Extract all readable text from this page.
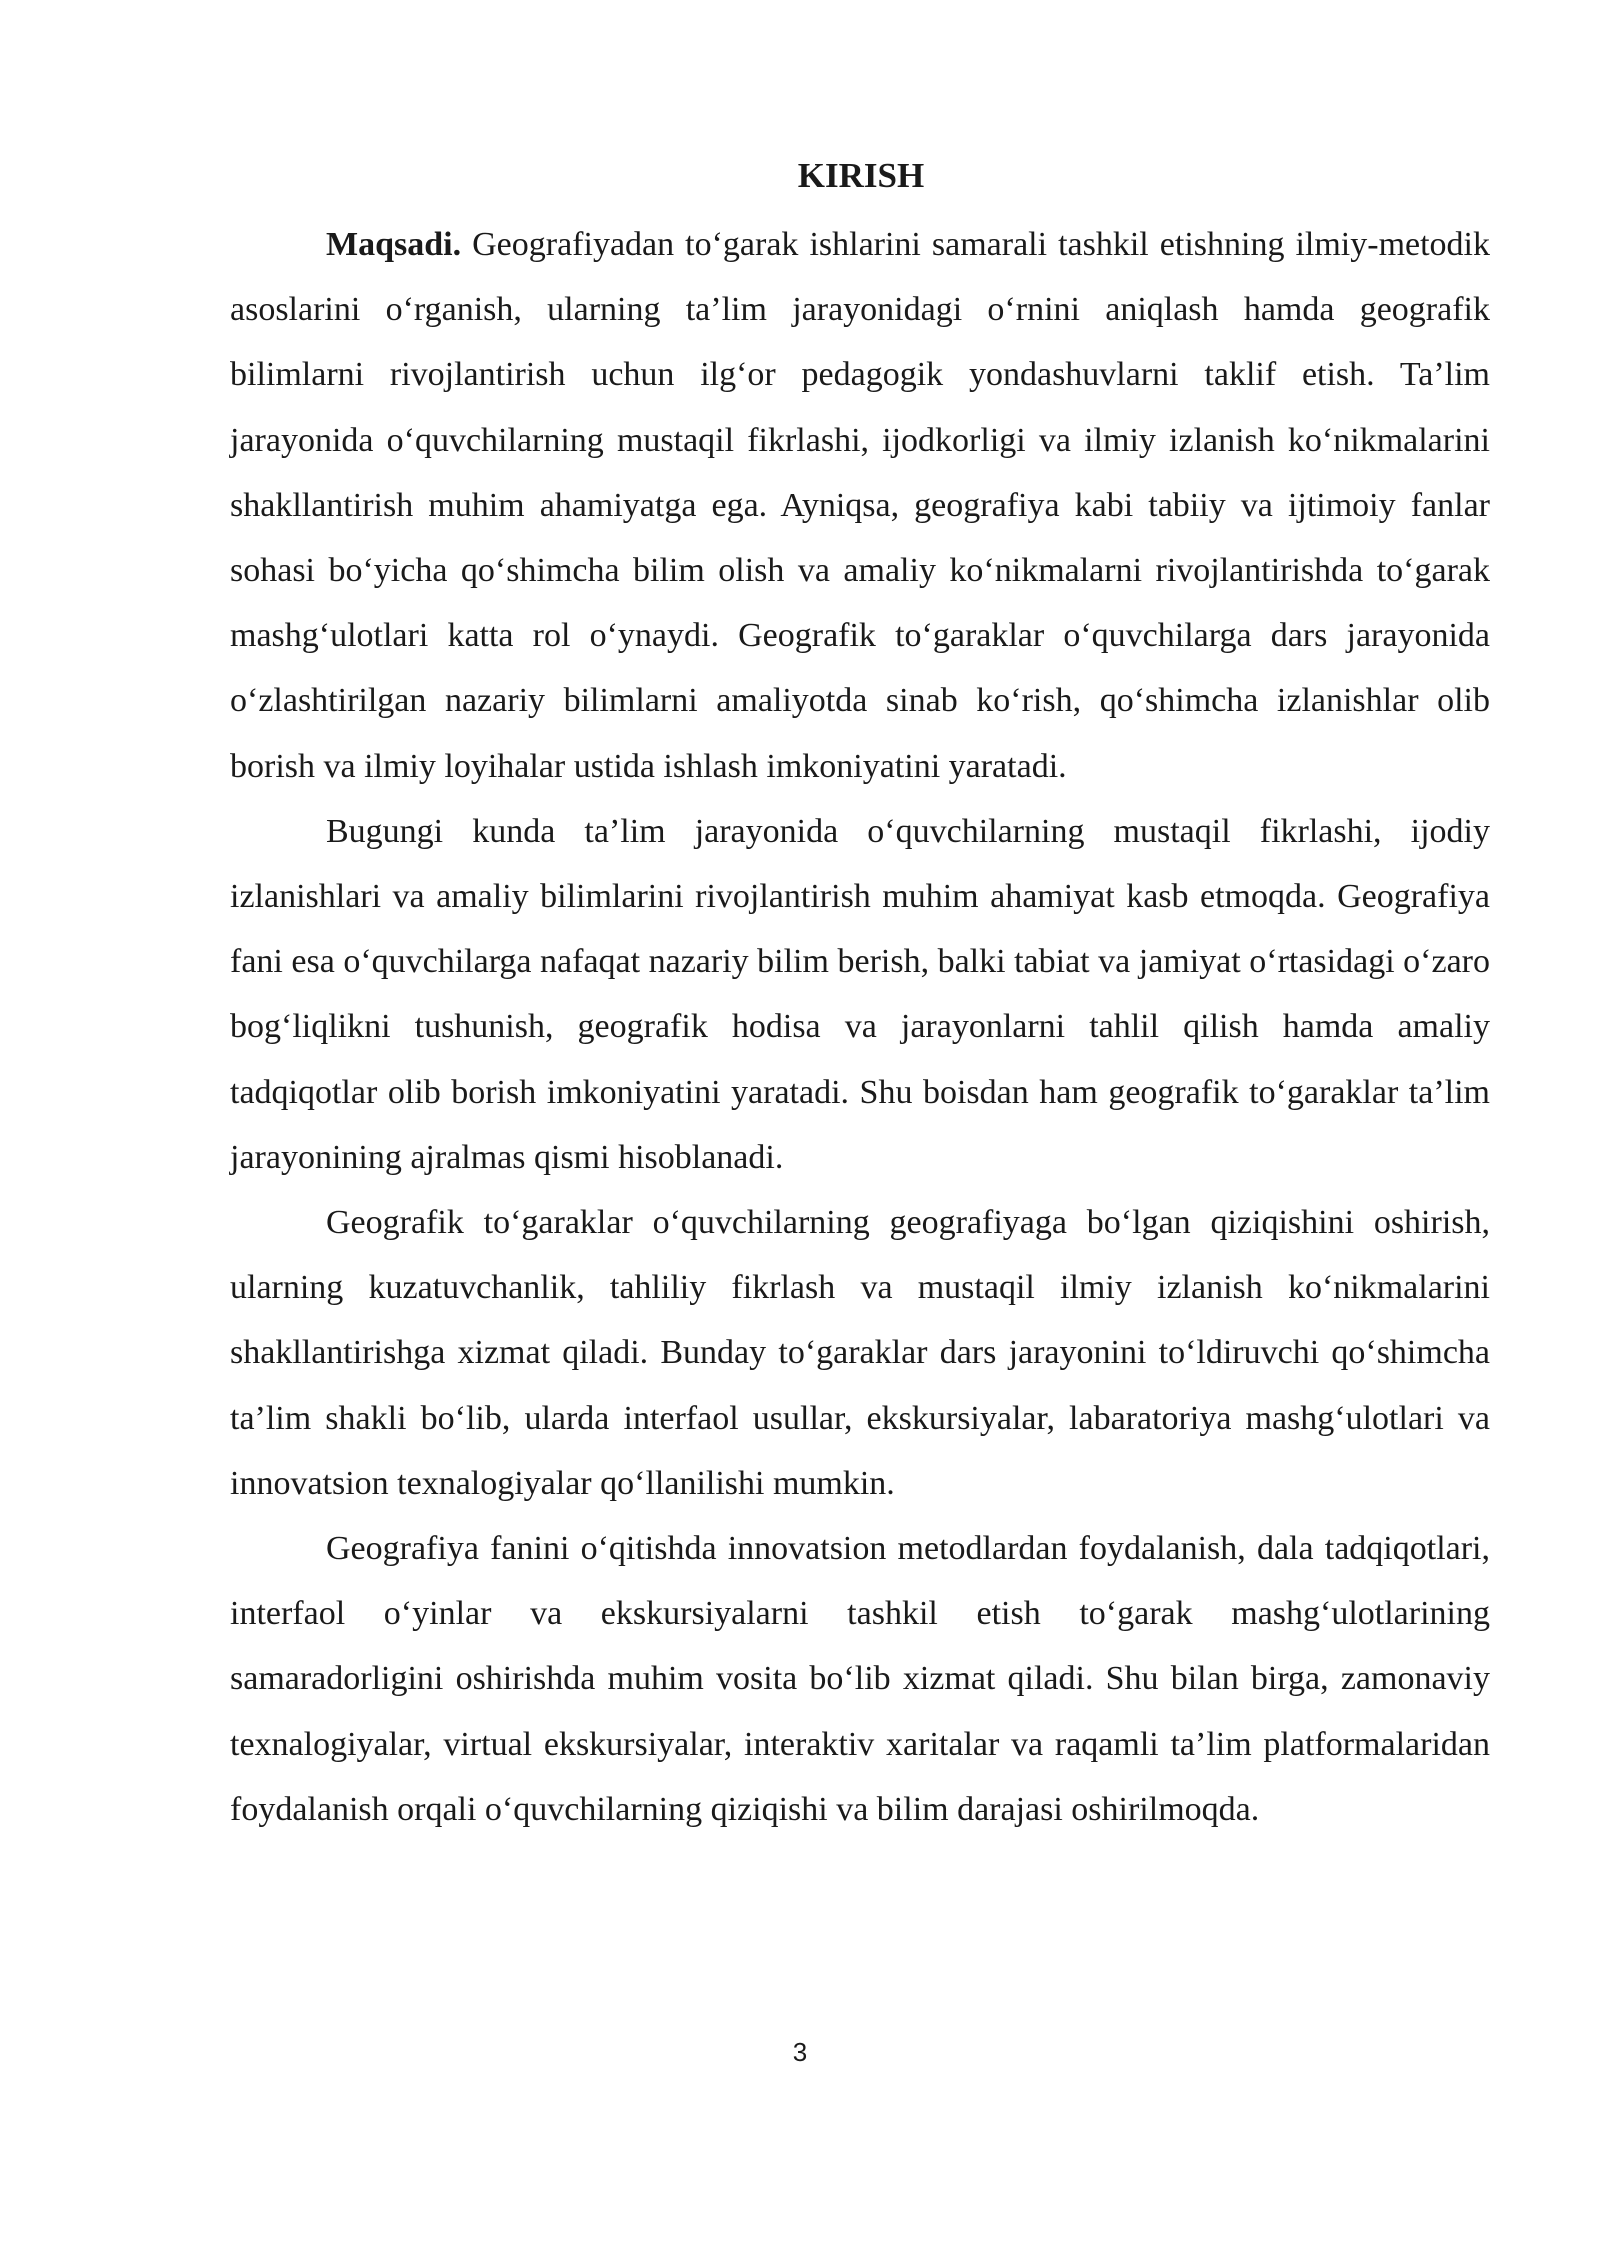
KIRISH

Maqsadi. Geografiyadan to‘garak ishlarini samarali tashkil etishning ilmiy-metodik asoslarini o‘rganish, ularning ta’lim jarayonidagi o‘rnini aniqlash hamda geografik bilimlarni rivojlantirish uchun ilg‘or pedagogik yondashuvlarni taklif etish. Ta’lim jarayonida o‘quvchilarning mustaqil fikrlashi, ijodkorligi va ilmiy izlanish ko‘nikmalarini shakllantirish muhim ahamiyatga ega. Ayniqsa, geografiya kabi tabiiy va ijtimoiy fanlar sohasi bo‘yicha qo‘shimcha bilim olish va amaliy ko‘nikmalarni rivojlantirishda to‘garak mashg‘ulotlari katta rol o‘ynaydi. Geografik to‘garaklar o‘quvchilarga dars jarayonida o‘zlashtirilgan nazariy bilimlarni amaliyotda sinab ko‘rish, qo‘shimcha izlanishlar olib borish va ilmiy loyihalar ustida ishlash imkoniyatini yaratadi.

Bugungi kunda ta’lim jarayonida o‘quvchilarning mustaqil fikrlashi, ijodiy izlanishlari va amaliy bilimlarini rivojlantirish muhim ahamiyat kasb etmoqda. Geografiya fani esa o‘quvchilarga nafaqat nazariy bilim berish, balki tabiat va jamiyat o‘rtasidagi o‘zaro bog‘liqlikni tushunish, geografik hodisa va jarayonlarni tahlil qilish hamda amaliy tadqiqotlar olib borish imkoniyatini yaratadi. Shu boisdan ham geografik to‘garaklar ta’lim jarayonining ajralmas qismi hisoblanadi.

Geografik to‘garaklar o‘quvchilarning geografiyaga bo‘lgan qiziqishini oshirish, ularning kuzatuvchanlik, tahliliy fikrlash va mustaqil ilmiy izlanish ko‘nikmalarini shakllantirishga xizmat qiladi. Bunday to‘garaklar dars jarayonini to‘ldiruvchi qo‘shimcha ta’lim shakli bo‘lib, ularda interfaol usullar, ekskursiyalar, labaratoriya mashg‘ulotlari va innovatsion texnalogiyalar qo‘llanilishi mumkin.

Geografiya fanini o‘qitishda innovatsion metodlardan foydalanish, dala tadqiqotlari, interfaol o‘yinlar va ekskursiyalarni tashkil etish to‘garak mashg‘ulotlarining samaradorligini oshirishda muhim vosita bo‘lib xizmat qiladi. Shu bilan birga, zamonaviy texnalogiyalar, virtual ekskursiyalar, interaktiv xaritalar va raqamli ta’lim platformalaridan foydalanish orqali o‘quvchilarning qiziqishi va bilim darajasi oshirilmoqda.

3
